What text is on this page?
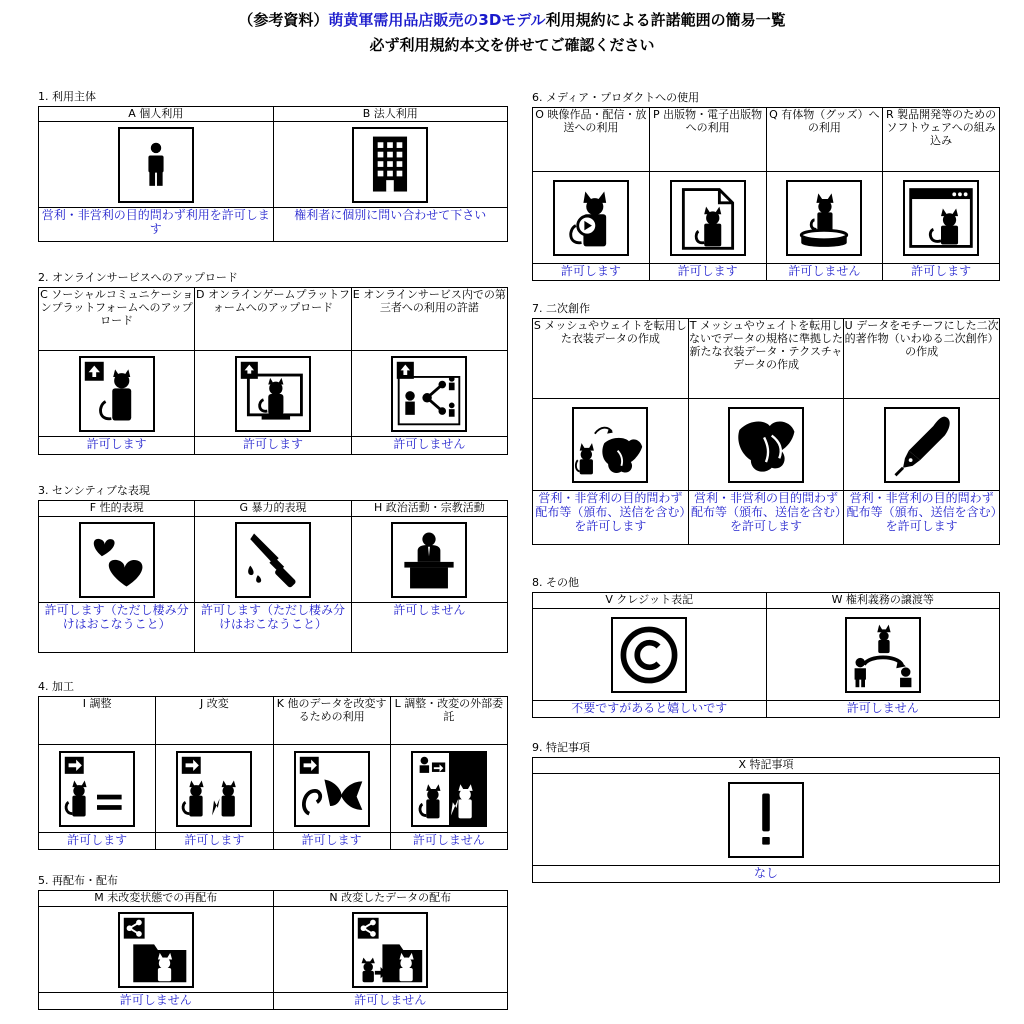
（参考資料）萌黄軍需用品店販売の3Dモデル利用規約による許諾範囲の簡易一覧
必ず利用規約本文を併せてご確認ください
1. 利用主体
A 個人利用	B 法人利用

営利・非営利の目的問わず利用を許可します	権利者に個別に問い合わせて下さい
2. オンラインサービスへのアップロード
C ソーシャルコミュニケーションプラットフォームへのアップロード	D オンラインゲームプラットフォームへのアップロード	E オンラインサービス内での第三者への利用の許諾

許可します	許可します	許可しません
3. センシティブな表現
F 性的表現	G 暴力的表現	H 政治活動・宗教活動

許可します（ただし棲み分けはおこなうこと）	許可します（ただし棲み分けはおこなうこと）	許可しません
4. 加工
I 調整	J 改変	K 他のデータを改変するための利用	L 調整・改変の外部委託

許可します	許可します	許可します	許可しません
5. 再配布・配布
M 未改変状態での再配布	N 改変したデータの配布

許可しません	許可しません
6. メディア・プロダクトへの使用
O 映像作品・配信・放送への利用	P 出版物・電子出版物への利用	Q 有体物（グッズ）への利用	R 製品開発等のためのソフトウェアへの組み込み

許可します	許可します	許可しません	許可します
7. 二次創作
S メッシュやウェイトを転用した衣装データの作成	T メッシュやウェイトを転用しないでデータの規格に準拠した新たな衣装データ・テクスチャデータの作成	U データをモチーフにした二次的著作物（いわゆる二次創作）の作成

営利・非営利の目的問わず配布等（頒布、送信を含む）を許可します	営利・非営利の目的問わず配布等（頒布、送信を含む）を許可します	営利・非営利の目的問わず配布等（頒布、送信を含む）を許可します
8. その他
V クレジット表記	W 権利義務の譲渡等

不要ですがあると嬉しいです	許可しません
9. 特記事項
X 特記事項

なし
